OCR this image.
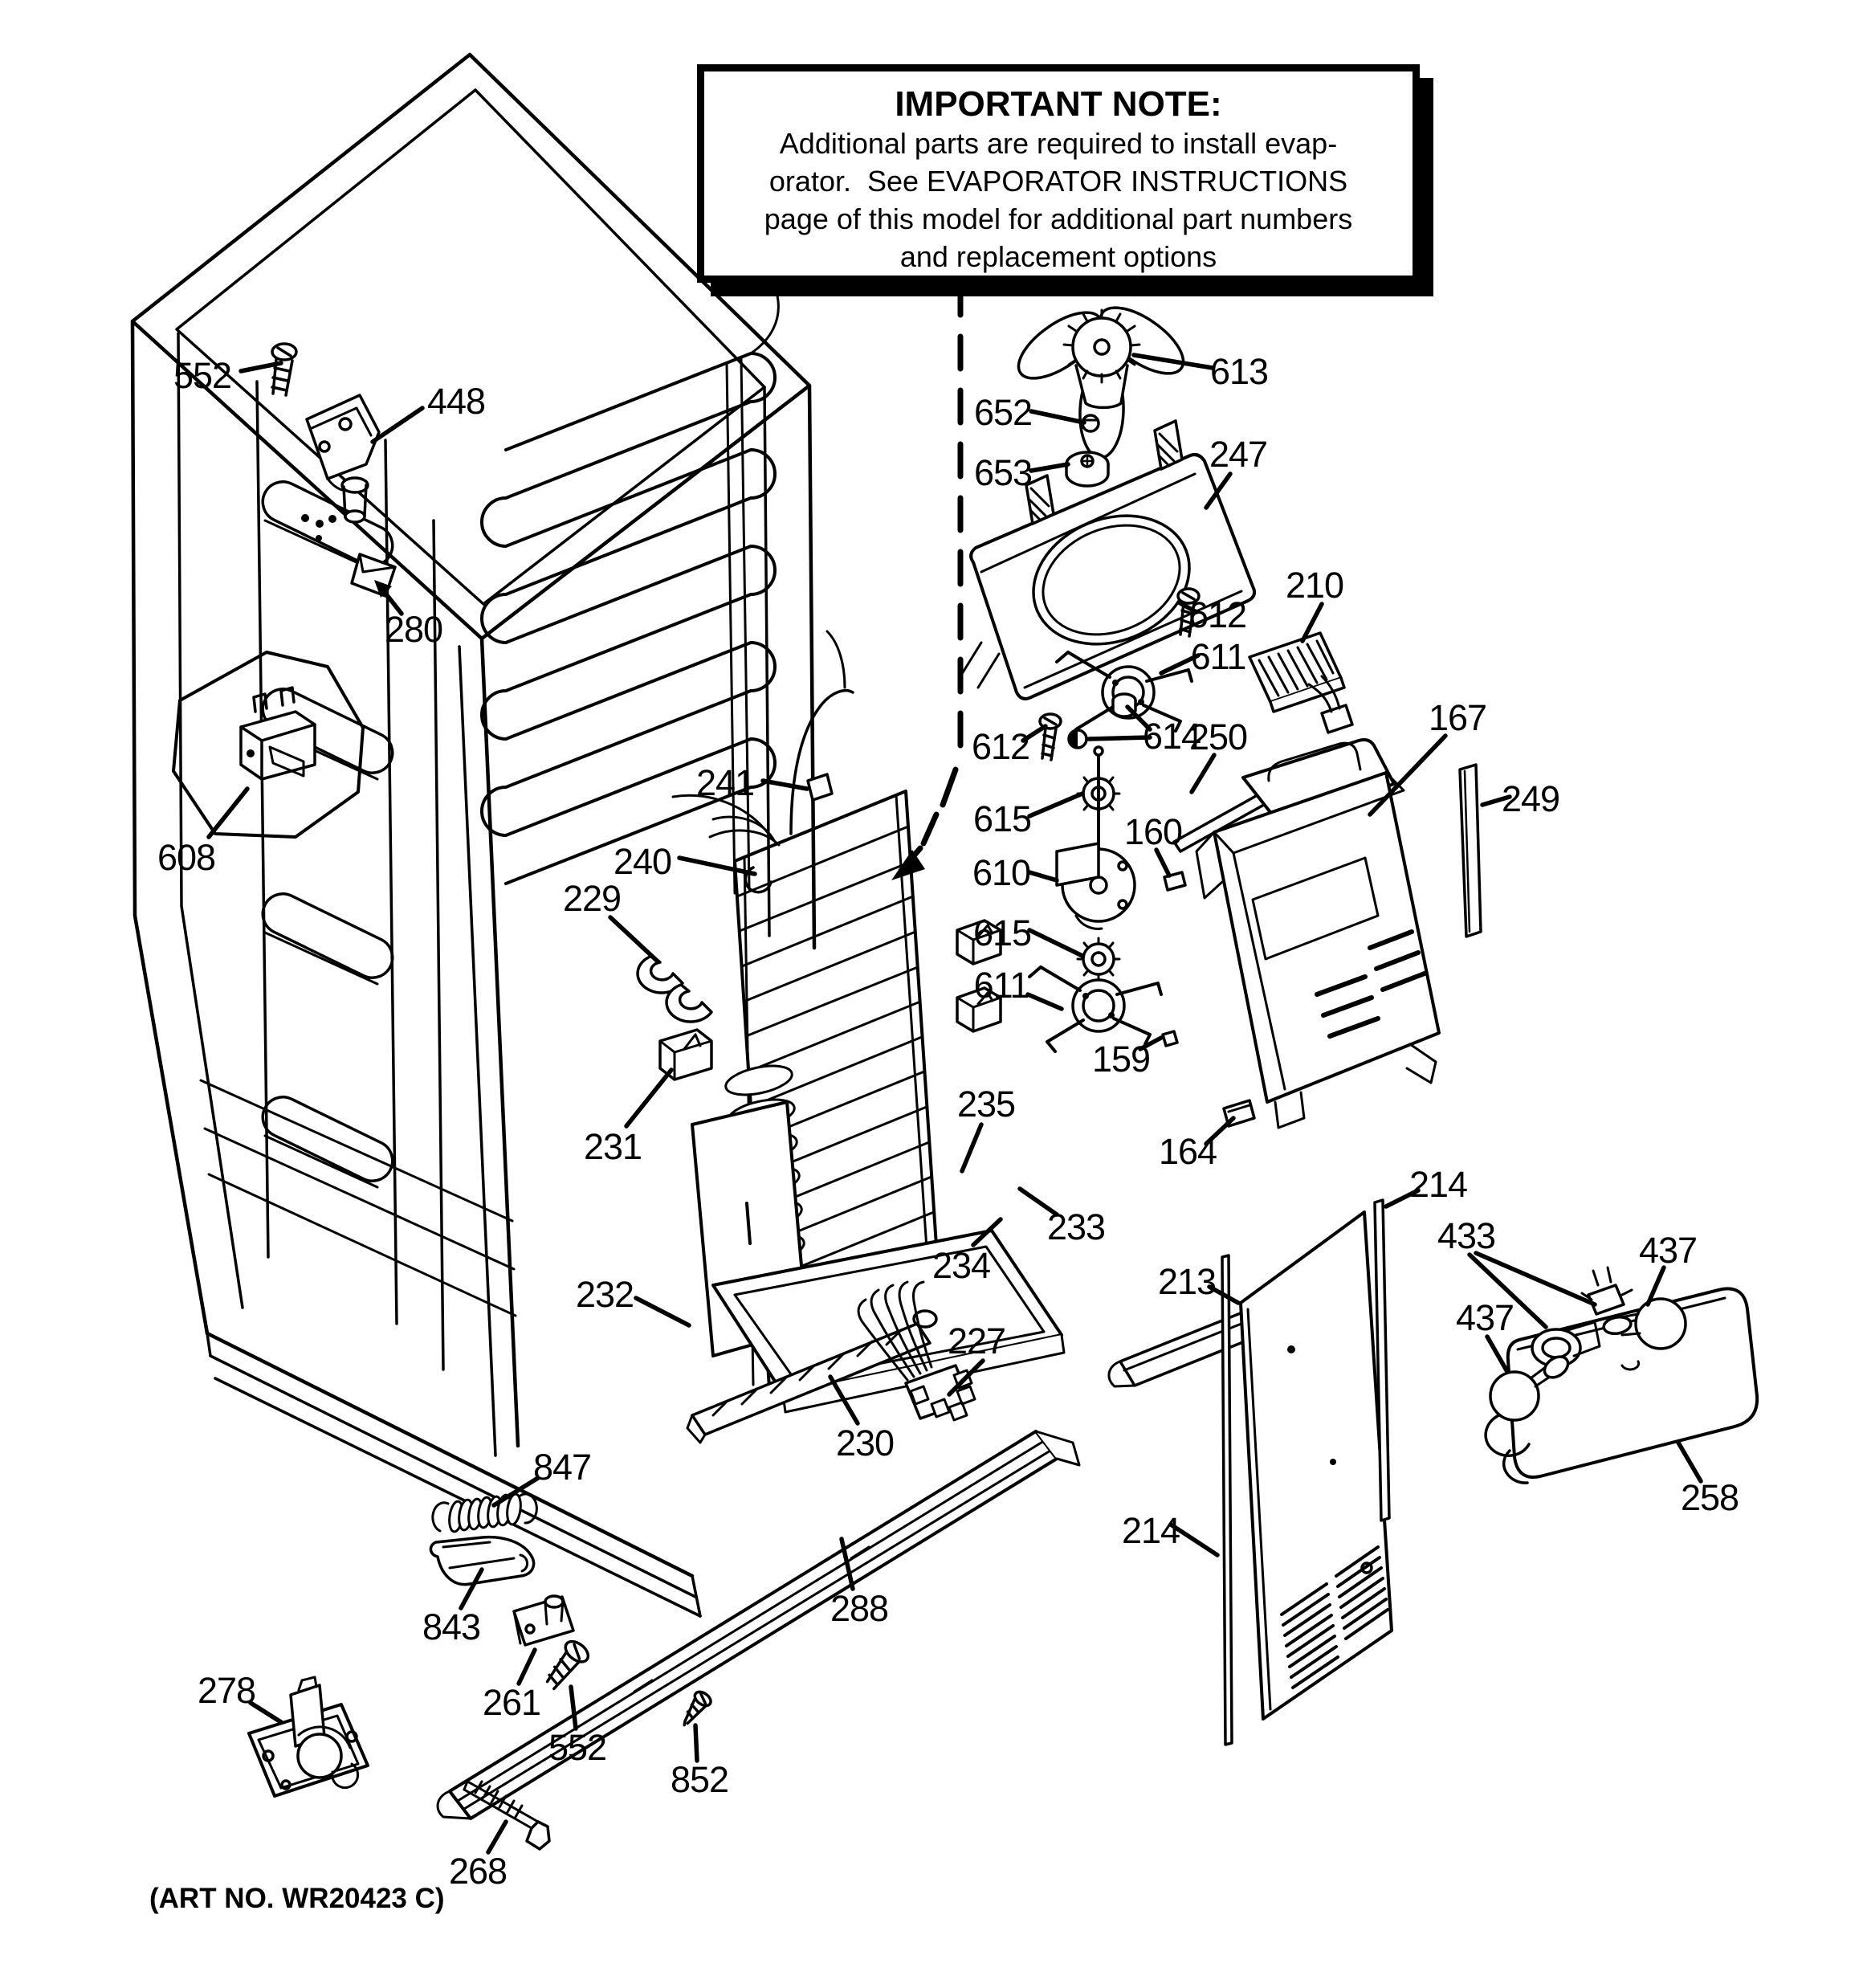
IMPORTANT NOTE:
Additional parts are required to install evap-
orator.  See EVAPORATOR INSTRUCTIONS
page of this model for additional part numbers
and replacement options
552
448
280
608
241
240
229
231
232
235
234
233
227
230
288
847
843
261
552
852
268
278
613
652
653	247
612
611
210
612	614
250	167
615	160
610
615
611
249
159
164
213
214
433	437
437
258
214
(ART NO. WR20423 C)
